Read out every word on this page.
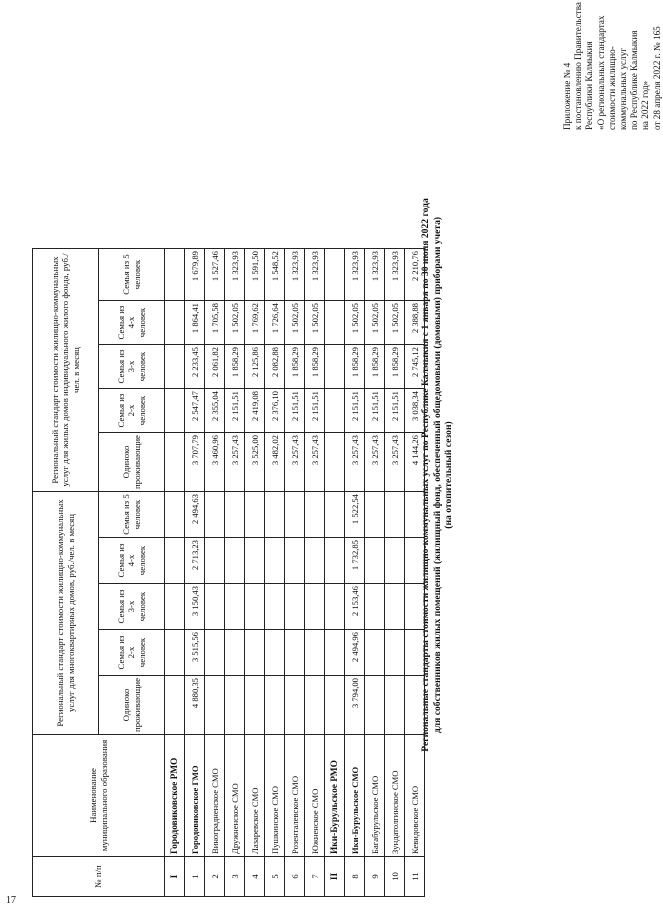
Приложение № 4 к постановлению Правительства Республики Калмыкия «О региональных стандартах стоимости жилищно- коммунальных услуг по Республике Калмыкия на 2022 год» от 28 апреля 2022 г. № 165
Региональные стандарты стоимости жилищно-коммунальных услуг по Республике Калмыкия с 1 января по 30 июня 2022 года для собственников жилых помещений (жилищный фонд, обеспеченный общедомовыми (домовыми) приборами учета) (на отопительный сезон)
№ п/п	Наименование муниципального образования	Региональный стандарт стоимости жилищно-коммунальных услуг для многоквартирных домов, руб./чел. в месяц					Региональный стандарт стоимости жилищно-коммунальных услуг для жилых домов индивидуального жилого фонда, руб./чел. в месяц				
		Одиноко проживающие	Семья из 2-х человек	Семья из 3-х человек	Семья из 4-х человек	Семья из 5 человек	Одиноко проживающие	Семья из 2-х человек	Семья из 3-х человек	Семья из 4-х человек	Семья из 5 человек
I	Городовиковское РМО										
1	Городовиковское ГМО	4 880,35	3 515,56	3 150,43	2 713,23	2 494,63	3 707,79	2 547,47	2 233,45	1 864,41	1 679,89
2	Виноградненское СМО						3 460,96	2 355,04	2 061,82	1 705,58	1 527,46
3	Дружненское СМО						3 257,43	2 151,51	1 858,29	1 502,05	1 323,93
4	Лазаревское СМО						3 525,00	2 419,08	2 125,86	1 769,62	1 591,50
5	Пушкинское СМО						3 482,02	2 376,10	2 082,88	1 726,64	1 548,52
6	Розенталевское СМО						3 257,43	2 151,51	1 858,29	1 502,05	1 323,93
7	Южненское СМО						3 257,43	2 151,51	1 858,29	1 502,05	1 323,93
II	Ики-Бурульское РМО										
8	Ики-Бурульское СМО	3 794,00	2 494,96	2 153,46	1 732,85	1 522,54	3 257,43	2 151,51	1 858,29	1 502,05	1 323,93
9	Багабурульское СМО						3 257,43	2 151,51	1 858,29	1 502,05	1 323,93
10	Зундатолгинское СМО						3 257,43	2 151,51	1 858,29	1 502,05	1 323,93
11	Кевидовское СМО						4 144,26	3 038,34	2 745,12	2 388,88	2 210,76
17
